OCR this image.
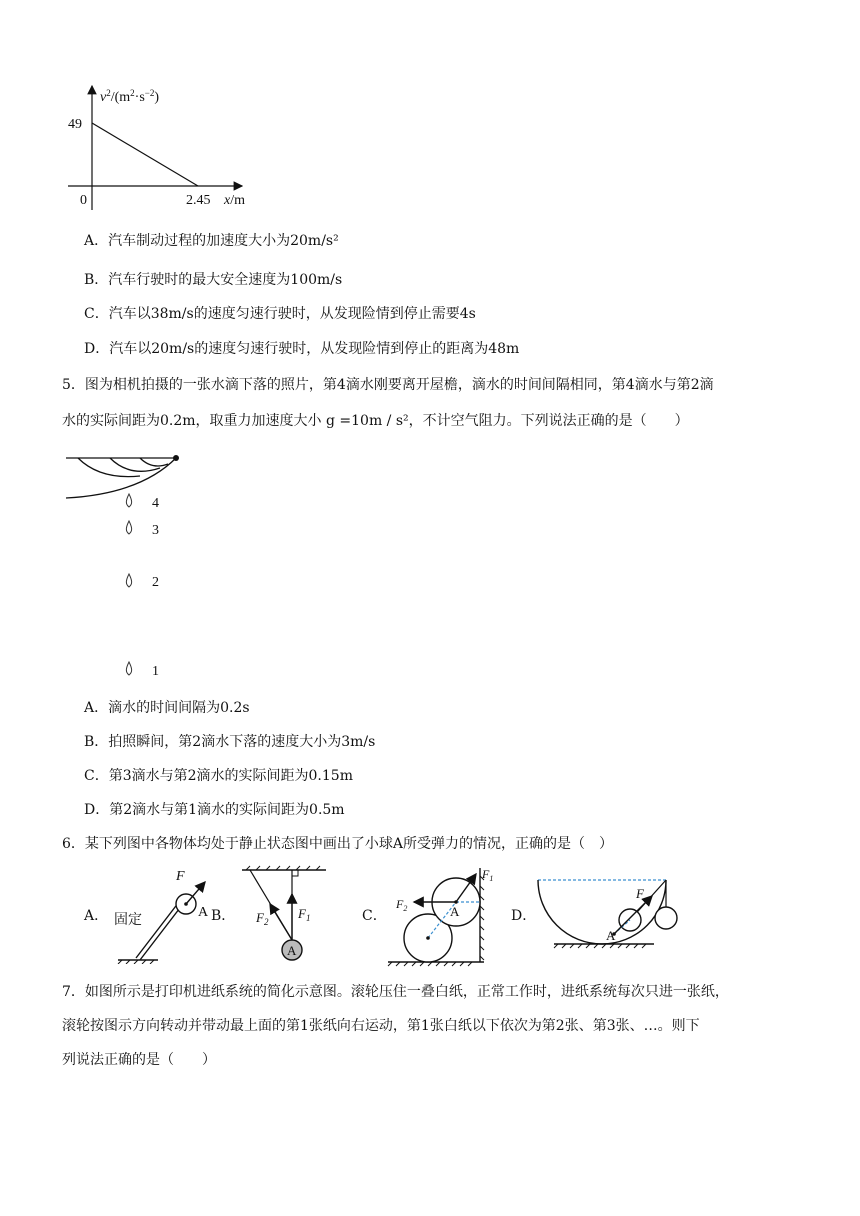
$v^2/(m^2\cdot s^{-2})$
49
0	2.45 x/m
A．汽车制动过程的加速度大小为20m/s²
B．汽车行驶时的最大安全速度为100m/s
C．汽车以38m/s的速度匀速行驶时，从发现险情到停止需要4s
D．汽车以20m/s的速度匀速行驶时，从发现险情到停止的距离为48m
5．图为相机拍摄的一张水滴下落的照片，第4滴水刚要离开屋檐，滴水的时间间隔相同，第4滴水与第2滴
水的实际间距为0.2m，取重力加速度大小 g =10m / s²，不计空气阻力。下列说法正确的是（　　）
4
3
2
1
A．滴水的时间间隔为0.2s
B．拍照瞬间，第2滴水下落的速度大小为3m/s
C．第3滴水与第2滴水的实际间距为0.15m
D．第2滴水与第1滴水的实际间距为0.5m
6．某下列图中各物体均处于静止状态图中画出了小球A所受弹力的情况，正确的是（　）
A．
F
A
固定	B．
A
$F_1$
$F_2$	C．	A
$F_2$
$F_1$
D．
F
A
7．如图所示是打印机进纸系统的简化示意图。滚轮压住一叠白纸，正常工作时，进纸系统每次只进一张纸，
滚轮按图示方向转动并带动最上面的第1张纸向右运动，第1张白纸以下依次为第2张、第3张、…。则下
列说法正确的是（　　）
